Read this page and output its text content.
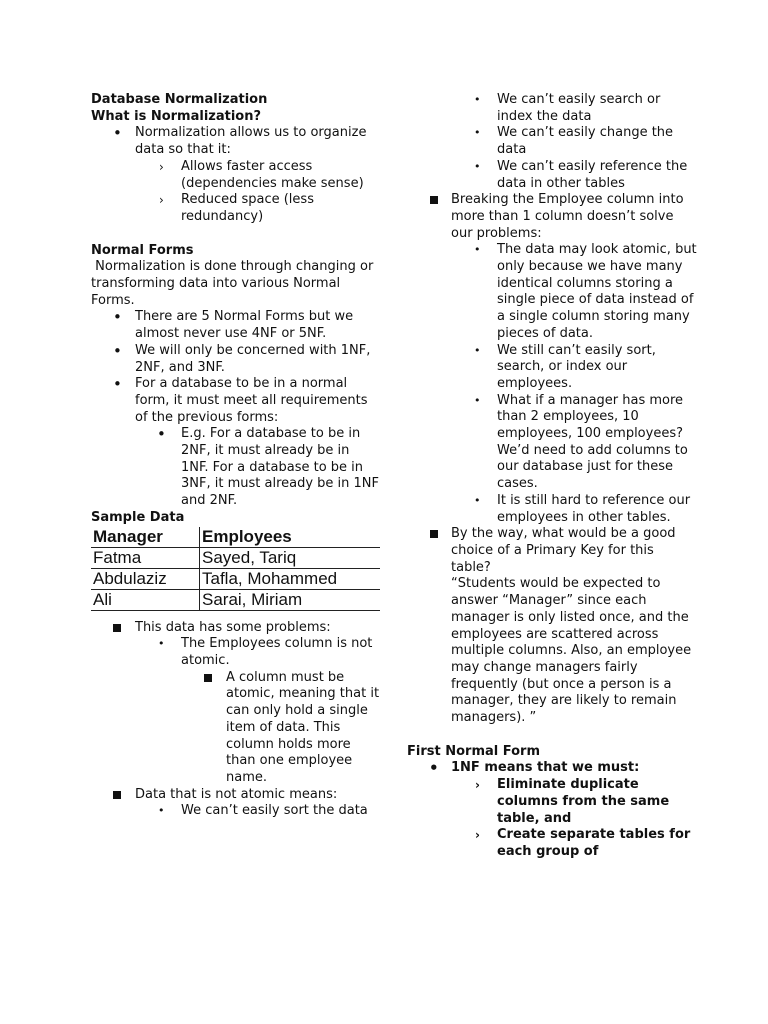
Database Normalization
What is Normalization?
• Normalization allows us to organize data so that it:
› Allows faster access (dependencies make sense)
› Reduced space (less redundancy)
Normal Forms
Normalization is done through changing or transforming data into various Normal Forms.
• There are 5 Normal Forms but we almost never use 4NF or 5NF.
• We will only be concerned with 1NF, 2NF, and 3NF.
• For a database to be in a normal form, it must meet all requirements of the previous forms:
• E.g. For a database to be in 2NF, it must already be in 1NF. For a database to be in 3NF, it must already be in 1NF and 2NF.
Sample Data
Manager	Employees
Fatma	Sayed, Tariq
Abdulaziz	Tafla, Mohammed
Ali	Sarai, Miriam
This data has some problems:
• The Employees column is not atomic.
A column must be atomic, meaning that it can only hold a single item of data. This column holds more than one employee name.
Data that is not atomic means:
• We can’t easily sort the data
• We can’t easily search or index the data
• We can’t easily change the data
• We can’t easily reference the data in other tables
Breaking the Employee column into more than 1 column doesn’t solve our problems:
• The data may look atomic, but only because we have many identical columns storing a single piece of data instead of a single column storing many pieces of data.
• We still can’t easily sort, search, or index our employees.
• What if a manager has more than 2 employees, 10 employees, 100 employees? We’d need to add columns to our database just for these cases.
• It is still hard to reference our employees in other tables.
By the way, what would be a good choice of a Primary Key for this table?
“Students would be expected to answer “Manager” since each manager is only listed once, and the employees are scattered across multiple columns. Also, an employee may change managers fairly frequently (but once a person is a manager, they are likely to remain managers). ”
First Normal Form
• 1NF means that we must:
› Eliminate duplicate columns from the same table, and
› Create separate tables for each group of
